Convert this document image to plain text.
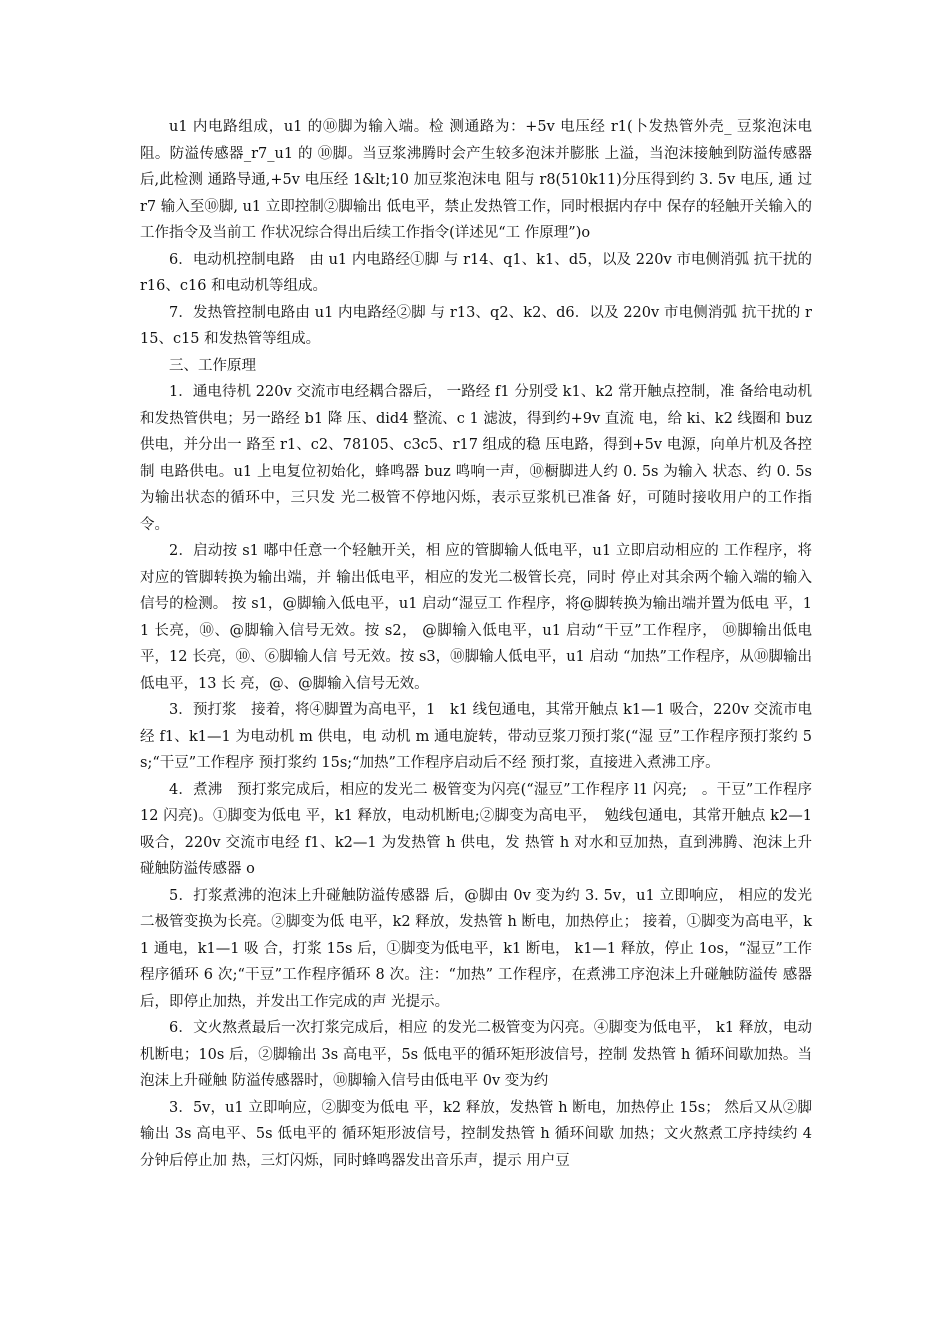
u1 内电路组成，u1 的⑩脚为输入端。检 测通路为：+5v 电压经 r1(卜发热管外壳_ 豆浆泡沫电阻。防溢传感器_r7_u1 的 ⑩脚。当豆浆沸腾时会产生较多泡沫并膨胀 上溢，当泡沫接触到防溢传感器后,此检测 通路导通,+5v 电压经 1&lt;10 加豆浆泡沫电 阻与 r8(510k11)分压得到约 3. 5v 电压, 通 过 r7 输入至⑩脚, u1 立即控制②脚输出 低电平，禁止发热管工作，同时根据内存中 保存的轻触开关输入的工作指令及当前工 作状况综合得出后续工作指令(详述见“工 作原理”)o

6．电动机控制电路　由 u1 内电路经①脚 与 r14、q1、k1、d5，以及 220v 市电侧消弧 抗干扰的 r16、c16 和电动机等组成。

7．发热管控制电路由 u1 内电路经②脚 与 r13、q2、k2、d6．以及 220v 市电侧消弧 抗干扰的 r15、c15 和发热管等组成。

三、工作原理

1．通电待机 220v 交流市电经耦合器后， 一路经 f1 分别受 k1、k2 常开触点控制，准 备给电动机和发热管供电；另一路经 b1 降 压、did4 整流、c 1 滤波，得到约+9v 直流 电，给 ki、k2 线圈和 buz 供电，并分出一 路至 r1、c2、78105、c3c5、r17 组成的稳 压电路，得到+5v 电源，向单片机及各控制 电路供电。u1 上电复位初始化，蜂鸣器 buz 鸣响一声，⑩橱脚进人约 0. 5s 为输入 状态、约 0. 5s 为输出状态的循环中，三只发 光二极管不停地闪烁，表示豆浆机已准备 好，可随时接收用户的工作指令。

2．启动按 s1 嘟中任意一个轻触开关，相 应的管脚输人低电平，u1 立即启动相应的 工作程序，将对应的管脚转换为输出端，并 输出低电平，相应的发光二极管长亮，同时 停止对其余两个输入端的输入信号的检测。 按 s1，@脚输入低电平，u1 启动“湿豆工 作程序，将@脚转换为输出端并置为低电 平，11 长亮，⑩、@脚输入信号无效。按 s2， @脚输入低电平，u1 启动“干豆”工作程序， ⑩脚输出低电平，12 长亮，⑩、⑥脚输人信 号无效。按 s3，⑩脚输人低电平，u1 启动 “加热”工作程序，从⑩脚输出低电平，13 长 亮，@、@脚输入信号无效。

3．预打浆　接着，将④脚置为高电平，1　k1 线包通电，其常开触点 k1—1 吸合，220v 交流市电经 f1、k1—1 为电动机 m 供电，电 动机 m 通电旋转，带动豆浆刀预打浆(“湿 豆”工作程序预打浆约 5s;“干豆”工作程序 预打浆约 15s;“加热”工作程序启动后不经 预打浆，直接进入煮沸工序。

4．煮沸　预打浆完成后，相应的发光二 极管变为闪亮(“湿豆”工作程序 l1 闪亮;　。干豆”工作程序 12 闪亮)。①脚变为低电 平，k1 释放，电动机断电;②脚变为高电平，　勉线包通电，其常开触点 k2—1 吸合，220v 交流市电经 f1、k2—1 为发热管 h 供电，发 热管 h 对水和豆加热，直到沸腾、泡沫上升 碰触防溢传感器 o

5．打浆煮沸的泡沫上升碰触防溢传感器 后，@脚由 0v 变为约 3. 5v，u1 立即响应， 相应的发光二极管变换为长亮。②脚变为低 电平，k2 释放，发热管 h 断电，加热停止； 接着，①脚变为高电平，k1 通电，k1—1 吸 合，打浆 15s 后，①脚变为低电平，k1 断电， k1—1 释放，停止 1os，“湿豆”工作程序循环 6 次;“干豆”工作程序循环 8 次。注：“加热” 工作程序，在煮沸工序泡沫上升碰触防溢传 感器后，即停止加热，并发出工作完成的声 光提示。

6．文火熬煮最后一次打浆完成后，相应 的发光二极管变为闪亮。④脚变为低电平， k1 释放，电动机断电；10s 后，②脚输出 3s 高电平，5s 低电平的循环矩形波信号，控制 发热管 h 循环间歇加热。当泡沫上升碰触 防溢传感器时，⑩脚输入信号由低电平 0v 变为约

3．5v，u1 立即响应，②脚变为低电 平，k2 释放，发热管 h 断电，加热停止 15s； 然后又从②脚输出 3s 高电平、5s 低电平的 循环矩形波信号，控制发热管 h 循环间歇 加热；文火熬煮工序持续约 4 分钟后停止加 热，三灯闪烁，同时蜂鸣器发出音乐声，提示 用户豆
